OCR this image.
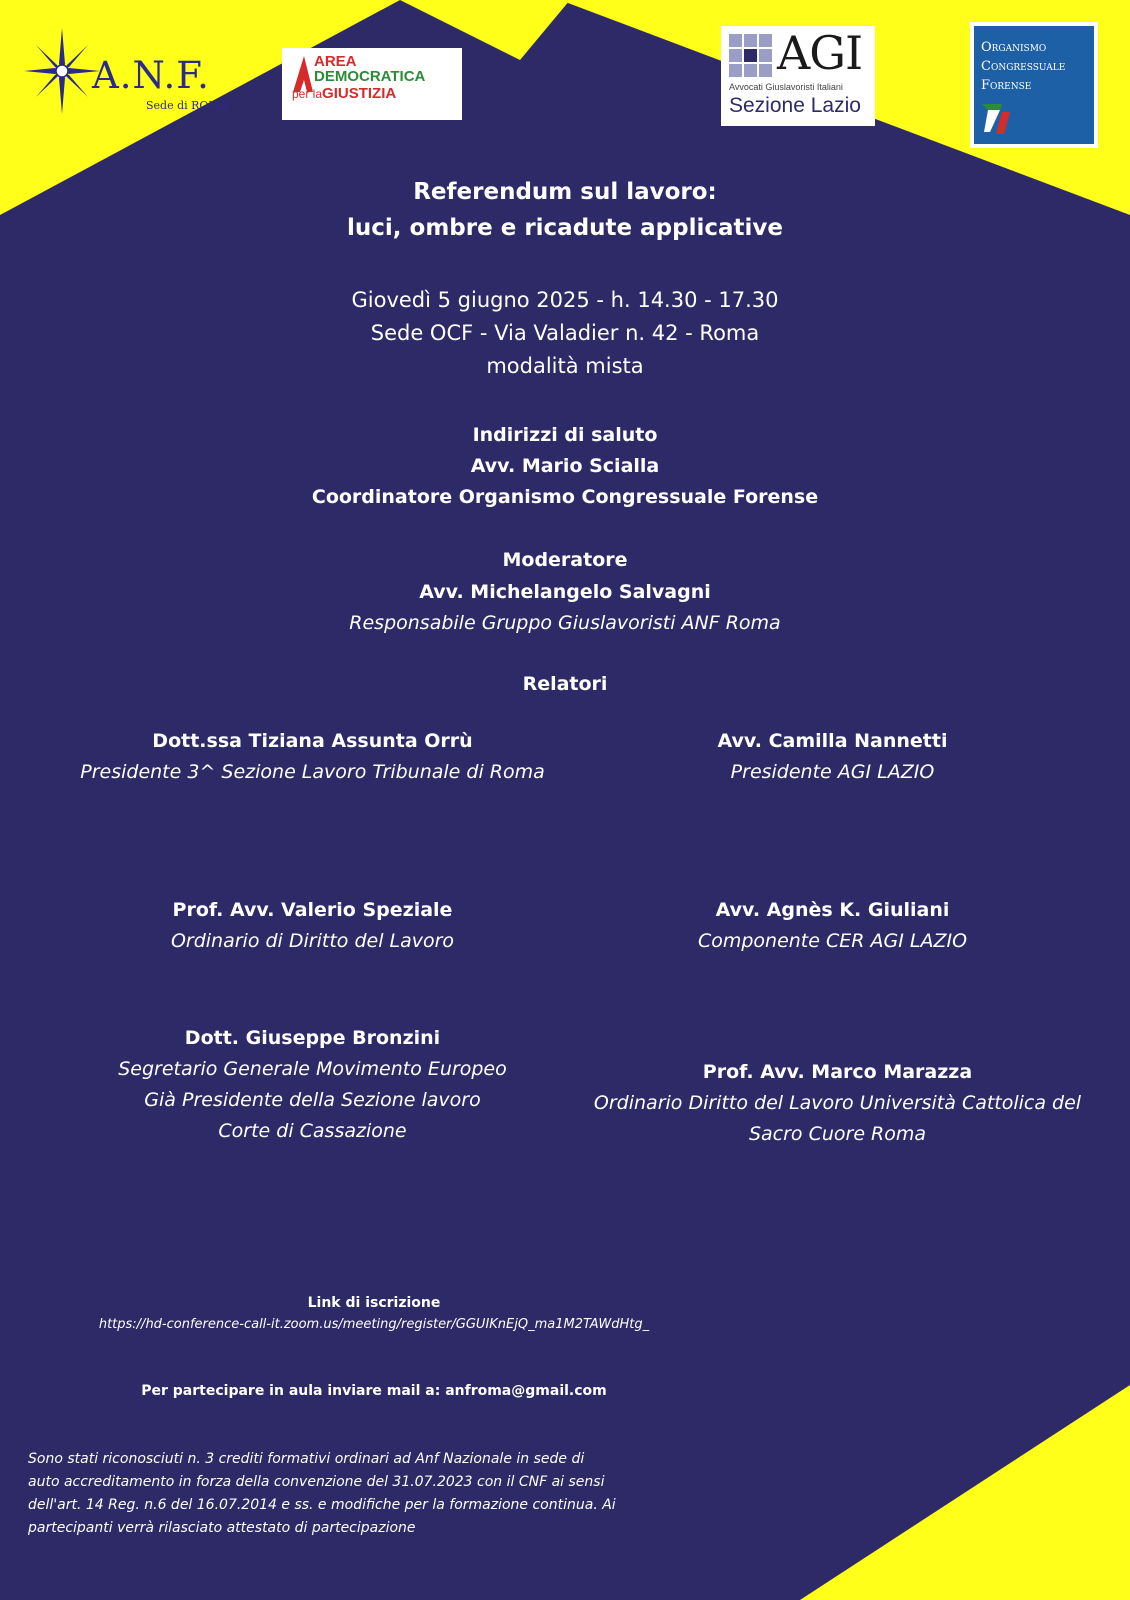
A.N.F.
Sede di ROMA
AREA
DEMOCRATICA
per laGIUSTIZIA
AGI
Avvocati Giuslavoristi Italiani
Sezione Lazio
Organismo
Congressuale
Forense
Referendum sul lavoro:
luci, ombre e ricadute applicative
Giovedì 5 giugno 2025 - h. 14.30 - 17.30
Sede OCF - Via Valadier n. 42 - Roma
modalità mista
Indirizzi di saluto
Avv. Mario Scialla
Coordinatore Organismo Congressuale Forense
Moderatore
Avv. Michelangelo Salvagni
Responsabile Gruppo Giuslavoristi ANF Roma
Relatori
Dott.ssa Tiziana Assunta Orrù
Presidente 3^ Sezione Lavoro Tribunale di Roma
Avv. Camilla Nannetti
Presidente AGI LAZIO
Prof. Avv. Valerio Speziale
Ordinario di Diritto del Lavoro
Avv. Agnès K. Giuliani
Componente CER AGI LAZIO
Dott. Giuseppe Bronzini
Segretario Generale Movimento Europeo
Già Presidente della Sezione lavoro
Corte di Cassazione
Prof. Avv. Marco Marazza
Ordinario Diritto del Lavoro Università Cattolica del
Sacro Cuore Roma
Link di iscrizione
https://hd-conference-call-it.zoom.us/meeting/register/GGUIKnEjQ_ma1M2TAWdHtg_
Per partecipare in aula inviare mail a: anfroma@gmail.com
Sono stati riconosciuti n. 3 crediti formativi ordinari ad Anf Nazionale in sede di
auto accreditamento in forza della convenzione del 31.07.2023 con il CNF ai sensi
dell'art. 14 Reg. n.6 del 16.07.2014 e ss. e modifiche per la formazione continua. Ai
partecipanti verrà rilasciato attestato di partecipazione
